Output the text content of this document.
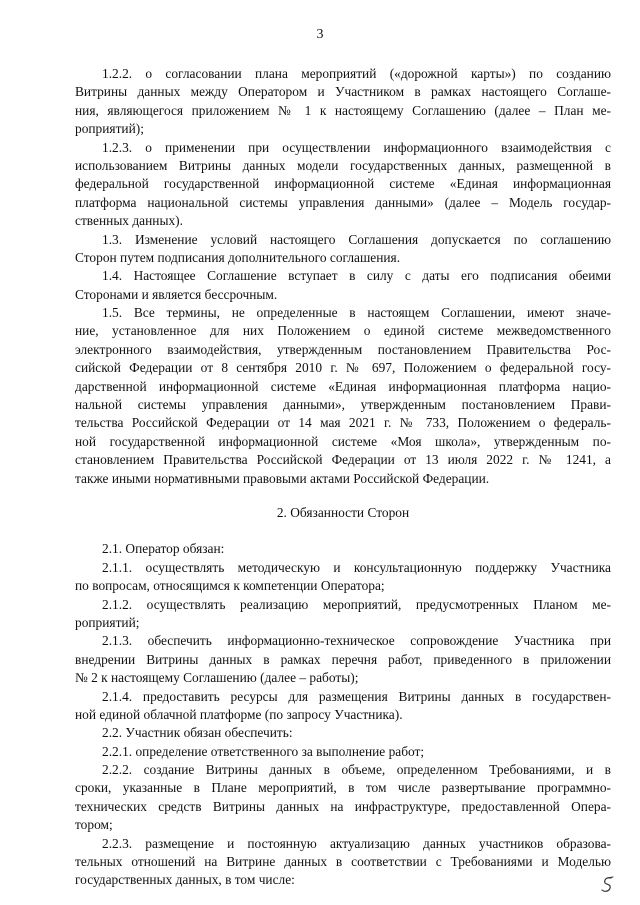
3
1.2.2. о согласовании плана мероприятий («дорожной карты») по созданию
Витрины данных между Оператором и Участником в рамках настоящего Соглаше-
ния, являющегося приложением № 1 к настоящему Соглашению (далее – План ме-
роприятий);
1.2.3. о применении при осуществлении информационного взаимодействия с
использованием Витрины данных модели государственных данных, размещенной в
федеральной государственной информационной системе «Единая информационная
платформа национальной системы управления данными» (далее – Модель государ-
ственных данных).
1.3. Изменение условий настоящего Соглашения допускается по соглашению
Сторон путем подписания дополнительного соглашения.
1.4. Настоящее Соглашение вступает в силу с даты его подписания обеими
Сторонами и является бессрочным.
1.5. Все термины, не определенные в настоящем Соглашении, имеют значе-
ние, установленное для них Положением о единой системе межведомственного
электронного взаимодействия, утвержденным постановлением Правительства Рос-
сийской Федерации от 8 сентября 2010 г. № 697, Положением о федеральной госу-
дарственной информационной системе «Единая информационная платформа нацио-
нальной системы управления данными», утвержденным постановлением Прави-
тельства Российской Федерации от 14 мая 2021 г. № 733, Положением о федераль-
ной государственной информационной системе «Моя школа», утвержденным по-
становлением Правительства Российской Федерации от 13 июля 2022 г. № 1241, а
также иными нормативными правовыми актами Российской Федерации.
2. Обязанности Сторон
2.1. Оператор обязан:
2.1.1. осуществлять методическую и консультационную поддержку Участника
по вопросам, относящимся к компетенции Оператора;
2.1.2. осуществлять реализацию мероприятий, предусмотренных Планом ме-
роприятий;
2.1.3. обеспечить информационно-техническое сопровождение Участника при
внедрении Витрины данных в рамках перечня работ, приведенного в приложении
№ 2 к настоящему Соглашению (далее – работы);
2.1.4. предоставить ресурсы для размещения Витрины данных в государствен-
ной единой облачной платформе (по запросу Участника).
2.2. Участник обязан обеспечить:
2.2.1. определение ответственного за выполнение работ;
2.2.2. создание Витрины данных в объеме, определенном Требованиями, и в
сроки, указанные в Плане мероприятий, в том числе развертывание программно-
технических средств Витрины данных на инфраструктуре, предоставленной Опера-
тором;
2.2.3. размещение и постоянную актуализацию данных участников образова-
тельных отношений на Витрине данных в соответствии с Требованиями и Моделью
государственных данных, в том числе:
